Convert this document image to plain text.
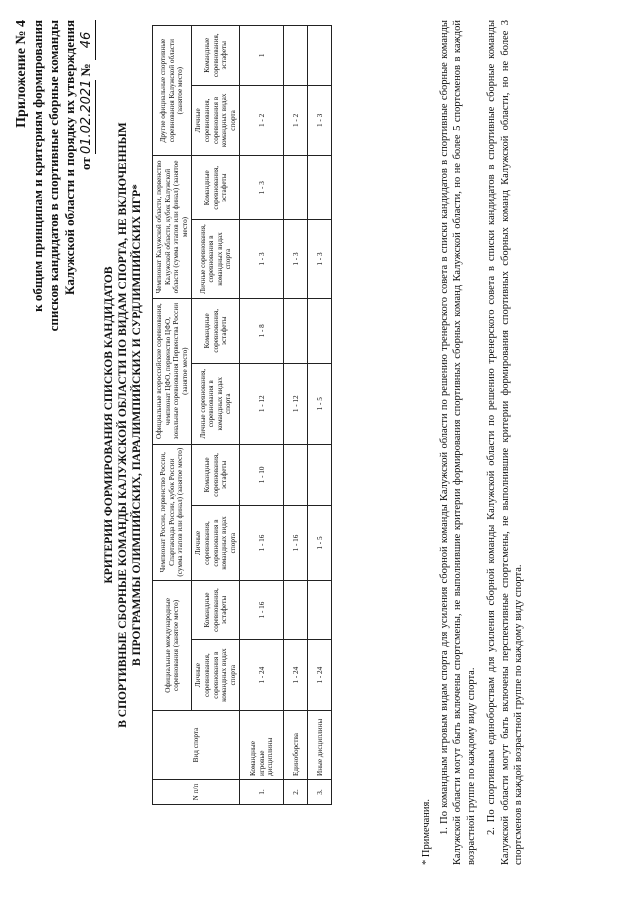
Приложение № 4 к общим принципам и критериям формирования списков кандидатов в спортивные сборные команды Калужской области и порядку их утверждения от 01.02.2021 № 46
КРИТЕРИИ ФОРМИРОВАНИЯ СПИСКОВ КАНДИДАТОВ В СПОРТИВНЫЕ СБОРНЫЕ КОМАНДЫ КАЛУЖСКОЙ ОБЛАСТИ ПО ВИДАМ СПОРТА, НЕ ВКЛЮЧЕННЫМ В ПРОГРАММЫ ОЛИМПИЙСКИХ, ПАРАЛИМПИЙСКИХ И СУРДЛИМПИЙСКИХ ИГР*
N п/п	Вид спорта	Официальные международные соревнования (занятое место)		Чемпионат России, первенство России, Спартакиада России, кубок России (сумма этапов или финал) (занятое место)		Официальные всероссийские соревнования, чемпионат ЦФО, первенство ЦФО, зональные соревнования Первенства России (занятое место)		Чемпионат Калужской области, первенство Калужской области, кубок Калужской области (сумма этапов или финал) (занятое место)		Другие официальные спортивные соревнования Калужской области (занятое место)	
		Личные соревнования, соревнования в командных видах спорта	Командные соревнования, эстафеты	Личные соревнования, соревнования в командных видах спорта	Командные соревнования, эстафеты	Личные соревнования, соревнования в командных видах спорта	Командные соревнования, эстафеты	Личные соревнования, соревнования в командных видах спорта	Командные соревнования, эстафеты	Личные соревнования, соревнования в командных видах спорта	Командные соревнования, эстафеты
1.	Командные игровые дисциплины	1 - 24	1 - 16	1 - 16	1 - 10	1 - 12	1 - 8	1 - 3	1 - 3	1 - 2	1
2.	Единоборства	1 - 24		1 - 16		1 - 12		1 - 3		1 - 2	
3.	Иные дисциплины	1 - 24		1 - 5		1 - 5		1 - 3		1 - 3	

* Примечания. 1. По командным игровым видам спорта для усиления сборной команды Калужской области по решению тренерского совета в списки кандидатов в спортивные сборные команды Калужской области могут быть включены спортсмены, не выполнившие критерии формирования спортивных сборных команд Калужской области, но не более 5 спортсменов в каждой возрастной группе по каждому виду спорта. 2. По спортивным единоборствам для усиления сборной команды Калужской области по решению тренерского совета в списки кандидатов в спортивные сборные команды Калужской области могут быть включены перспективные спортсмены, не выполнившие критерии формирования спортивных сборных команд Калужской области, но не более 3 спортсменов в каждой возрастной группе по каждому виду спорта.
